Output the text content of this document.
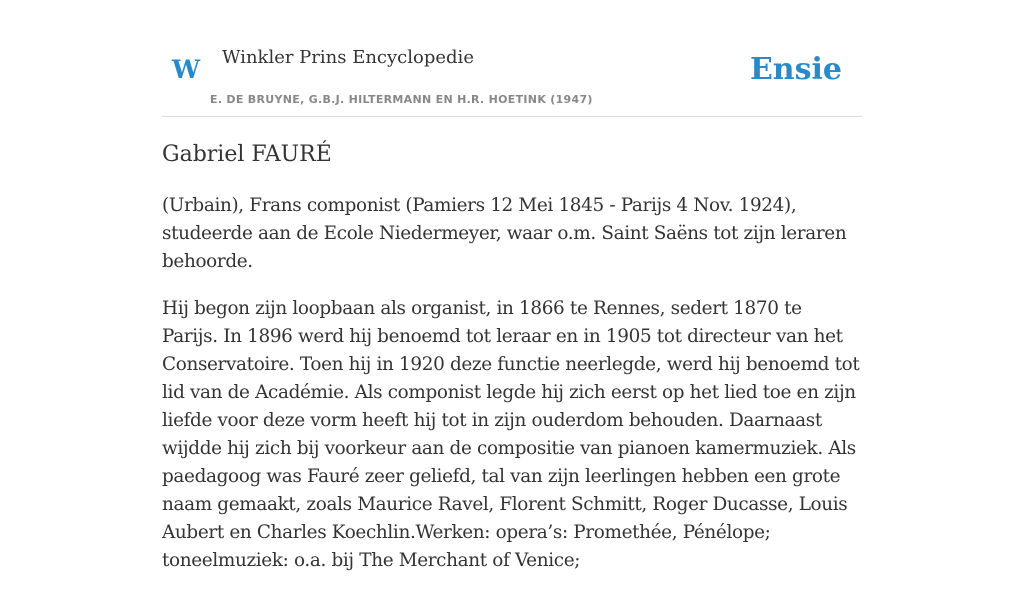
W Winkler Prins Encyclopedie
E. DE BRUYNE, G.B.J. HILTERMANN EN H.R. HOETINK (1947)
Ensie
Gabriel FAURÉ

(Urbain), Frans componist (Pamiers 12 Mei 1845 - Parijs 4 Nov. 1924), studeerde aan de Ecole Niedermeyer, waar o.m. Saint Saëns tot zijn leraren behoorde.

Hij begon zijn loopbaan als organist, in 1866 te Rennes, sedert 1870 te Parijs. In 1896 werd hij benoemd tot leraar en in 1905 tot directeur van het Conservatoire. Toen hij in 1920 deze functie neerlegde, werd hij benoemd tot lid van de Académie. Als componist legde hij zich eerst op het lied toe en zijn liefde voor deze vorm heeft hij tot in zijn ouderdom behouden. Daarnaast wijdde hij zich bij voorkeur aan de compositie van pianoen kamermuziek. Als paedagoog was Fauré zeer geliefd, tal van zijn leerlingen hebben een grote naam gemaakt, zoals Maurice Ravel, Florent Schmitt, Roger Ducasse, Louis Aubert en Charles Koechlin.Werken: opera’s: Promethée, Pénélope; toneelmuziek: o.a. bij The Merchant of Venice;
